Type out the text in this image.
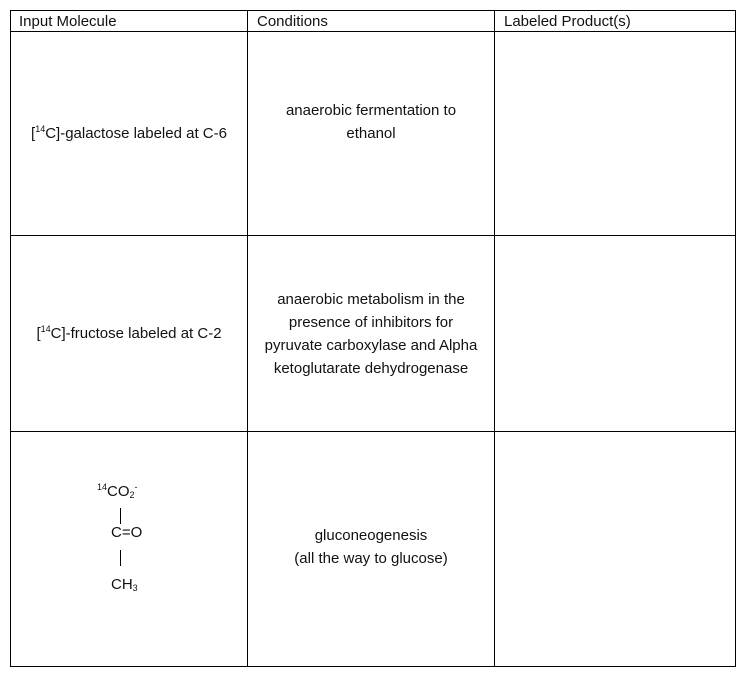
Input Molecule	Conditions	Labeled Product(s)
[$^{14}$C]-galactose labeled at C-6
anaerobic fermentation to ethanol
[$^{14}$C]-fructose labeled at C-2
anaerobic metabolism in the presence of inhibitors for pyruvate carboxylase and Alpha ketoglutarate dehydrogenase
$^{14}CO_2^-$
C=O
$CH_3$
gluconeogenesis
(all the way to glucose)
